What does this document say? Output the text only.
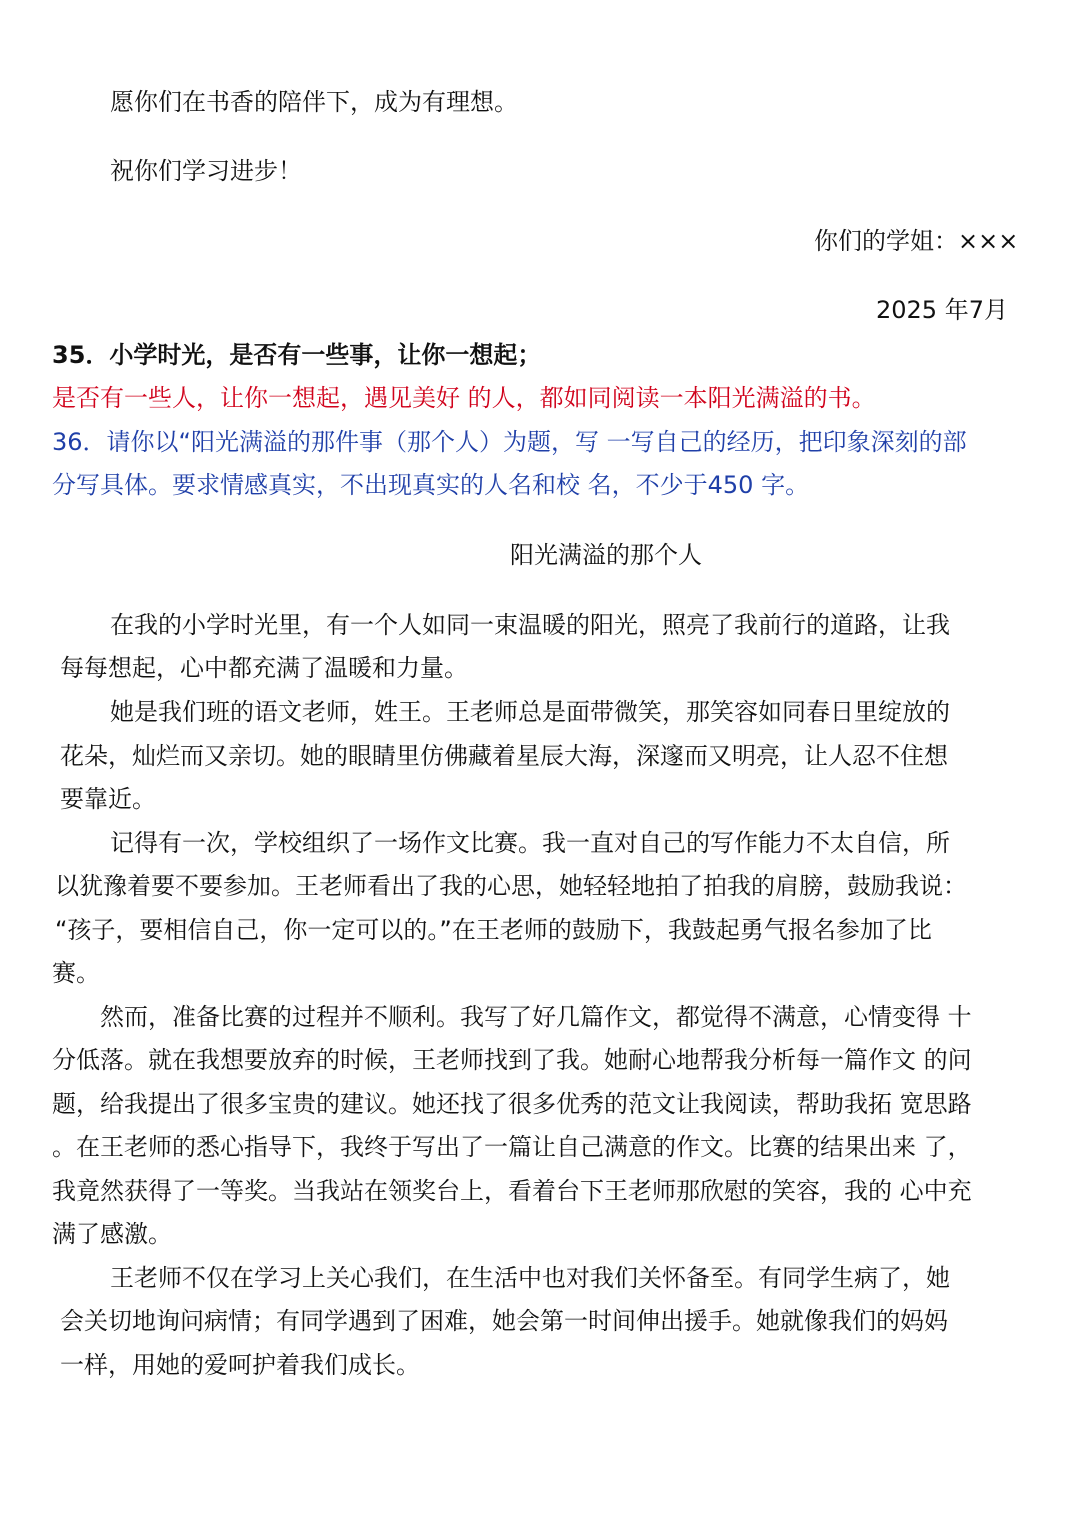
愿你们在书香的陪伴下，成为有理想。
祝你们学习进步！
你们的学姐：×××
2025 年7月
35．小学时光，是否有一些事，让你一想起；
是否有一些人，让你一想起，遇见美好 的人，都如同阅读一本阳光满溢的书。
36．请你以“阳光满溢的那件事（那个人）为题，写 一写自己的经历，把印象深刻的部
分写具体。要求情感真实，不出现真实的人名和校 名，不少于450 字。
阳光满溢的那个人
在我的小学时光里，有一个人如同一束温暖的阳光，照亮了我前行的道路，让我
每每想起，心中都充满了温暖和力量。
她是我们班的语文老师，姓王。王老师总是面带微笑，那笑容如同春日里绽放的
花朵，灿烂而又亲切。她的眼睛里仿佛藏着星辰大海，深邃而又明亮，让人忍不住想
要靠近。
记得有一次，学校组织了一场作文比赛。我一直对自己的写作能力不太自信，所
以犹豫着要不要参加。王老师看出了我的心思，她轻轻地拍了拍我的肩膀，鼓励我说：
“孩子，要相信自己，你一定可以的。”在王老师的鼓励下，我鼓起勇气报名参加了比
赛。
然而，准备比赛的过程并不顺利。我写了好几篇作文，都觉得不满意，心情变得 十
分低落。就在我想要放弃的时候，王老师找到了我。她耐心地帮我分析每一篇作文 的问
题，给我提出了很多宝贵的建议。她还找了很多优秀的范文让我阅读，帮助我拓 宽思路
。在王老师的悉心指导下，我终于写出了一篇让自己满意的作文。比赛的结果出来 了，
我竟然获得了一等奖。当我站在领奖台上，看着台下王老师那欣慰的笑容，我的 心中充
满了感激。
王老师不仅在学习上关心我们，在生活中也对我们关怀备至。有同学生病了，她
会关切地询问病情；有同学遇到了困难，她会第一时间伸出援手。她就像我们的妈妈
一样，用她的爱呵护着我们成长。
